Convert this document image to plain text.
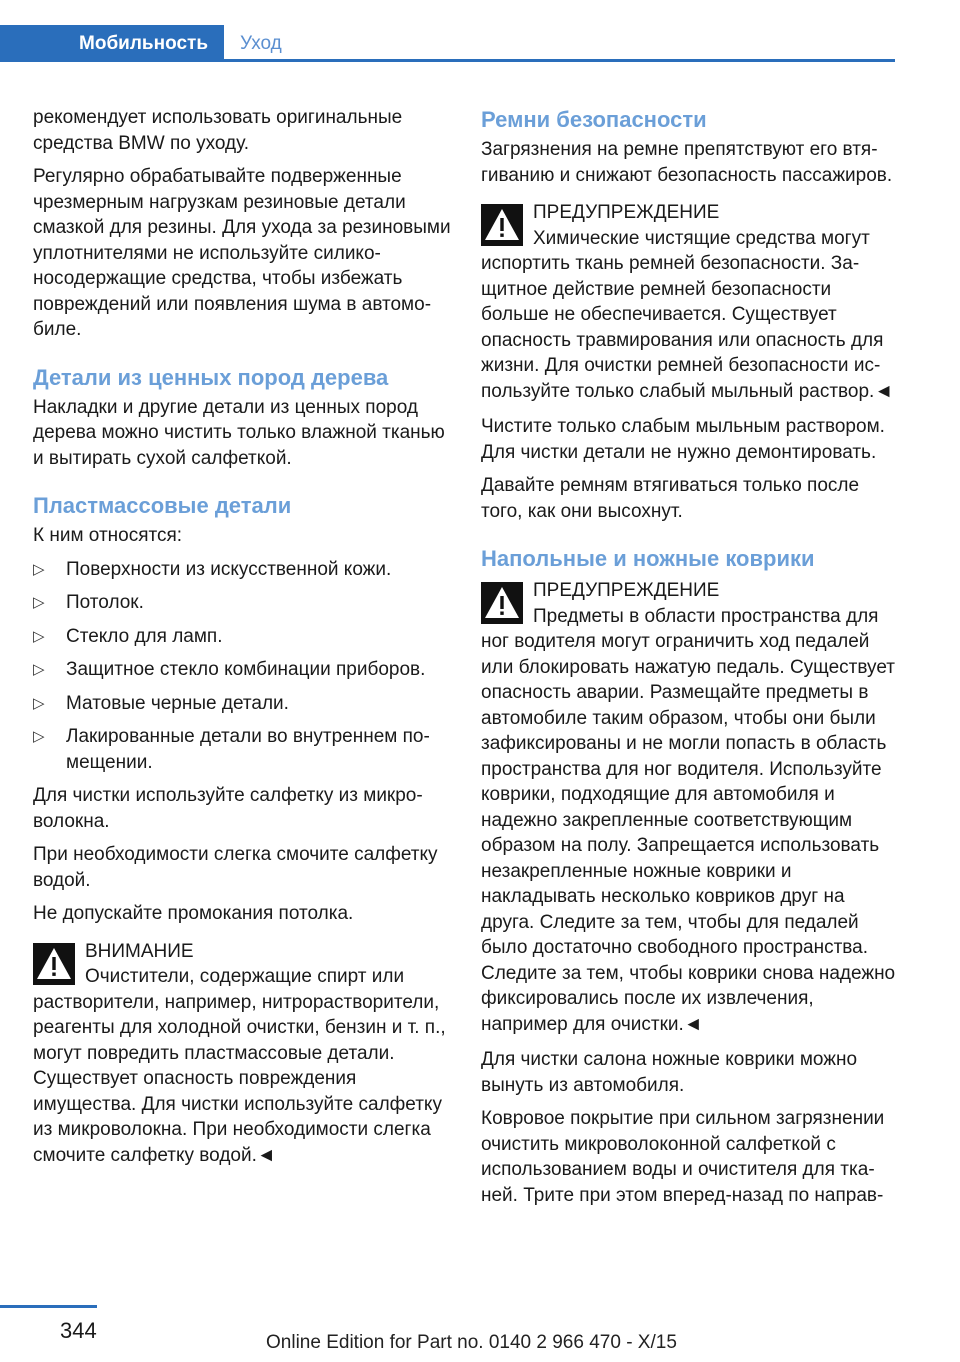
Мобильность	Уход

рекомендует использовать оригинальные средства BMW по уходу.

Регулярно обрабатывайте подверженные чрезмерным нагрузкам резиновые детали смазкой для резины. Для ухода за резиновыми уплотнителями не используйте силиконосодержащие средства, чтобы избежать повреждений или появления шума в автомобиле.

Детали из ценных пород дерева

Накладки и другие детали из ценных пород дерева можно чистить только влажной тканью и вытирать сухой салфеткой.

Пластмассовые детали

К ним относятся:

▷ Поверхности из искусственной кожи.
▷ Потолок.
▷ Стекло для ламп.
▷ Защитное стекло комбинации приборов.
▷ Матовые черные детали.
▷ Лакированные детали во внутреннем помещении.

Для чистки используйте салфетку из микроволокна.

При необходимости слегка смочите салфетку водой.

Не допускайте промокания потолка.

ВНИМАНИЕ
Очистители, содержащие спирт или
растворители, например, нитрорастворители, реагенты для холодной очистки, бензин и т. п., могут повредить пластмассовые детали. Существует опасность повреждения имущества. Для чистки используйте салфетку из микроволокна. При необходимости слегка смочите салфетку водой.◄
Ремни безопасности

Загрязнения на ремне препятствуют его втягиванию и снижают безопасность пассажиров.

ПРЕДУПРЕЖДЕНИЕ
Химические чистящие средства могут
испортить ткань ремней безопасности. Защитное действие ремней безопасности больше не обеспечивается. Существует опасность травмирования или опасность для жизни. Для очистки ремней безопасности используйте только слабый мыльный раствор.◄

Чистите только слабым мыльным раствором. Для чистки детали не нужно демонтировать.

Давайте ремням втягиваться только после того, как они высохнут.

Напольные и ножные коврики
ПРЕДУПРЕЖДЕНИЕ
Предметы в области пространства для
ног водителя могут ограничить ход педалей или блокировать нажатую педаль. Существует опасность аварии. Размещайте предметы в автомобиле таким образом, чтобы они были зафиксированы и не могли попасть в область пространства для ног водителя. Используйте коврики, подходящие для автомобиля и надежно закрепленные соответствующим образом на полу. Запрещается использовать незакрепленные ножные коврики и накладывать несколько ковриков друг на друга. Следите за тем, чтобы для педалей было достаточно свободного пространства. Следите за тем, чтобы коврики снова надежно фиксировались после их извлечения, например для очистки.◄

Для чистки салона ножные коврики можно вынуть из автомобиля.

Ковровое покрытие при сильном загрязнении очистить микроволоконной салфеткой с использованием воды и очистителя для тканей. Трите при этом вперед-назад по направ-

344	Online Edition for Part no. 0140 2 966 470 - X/15
